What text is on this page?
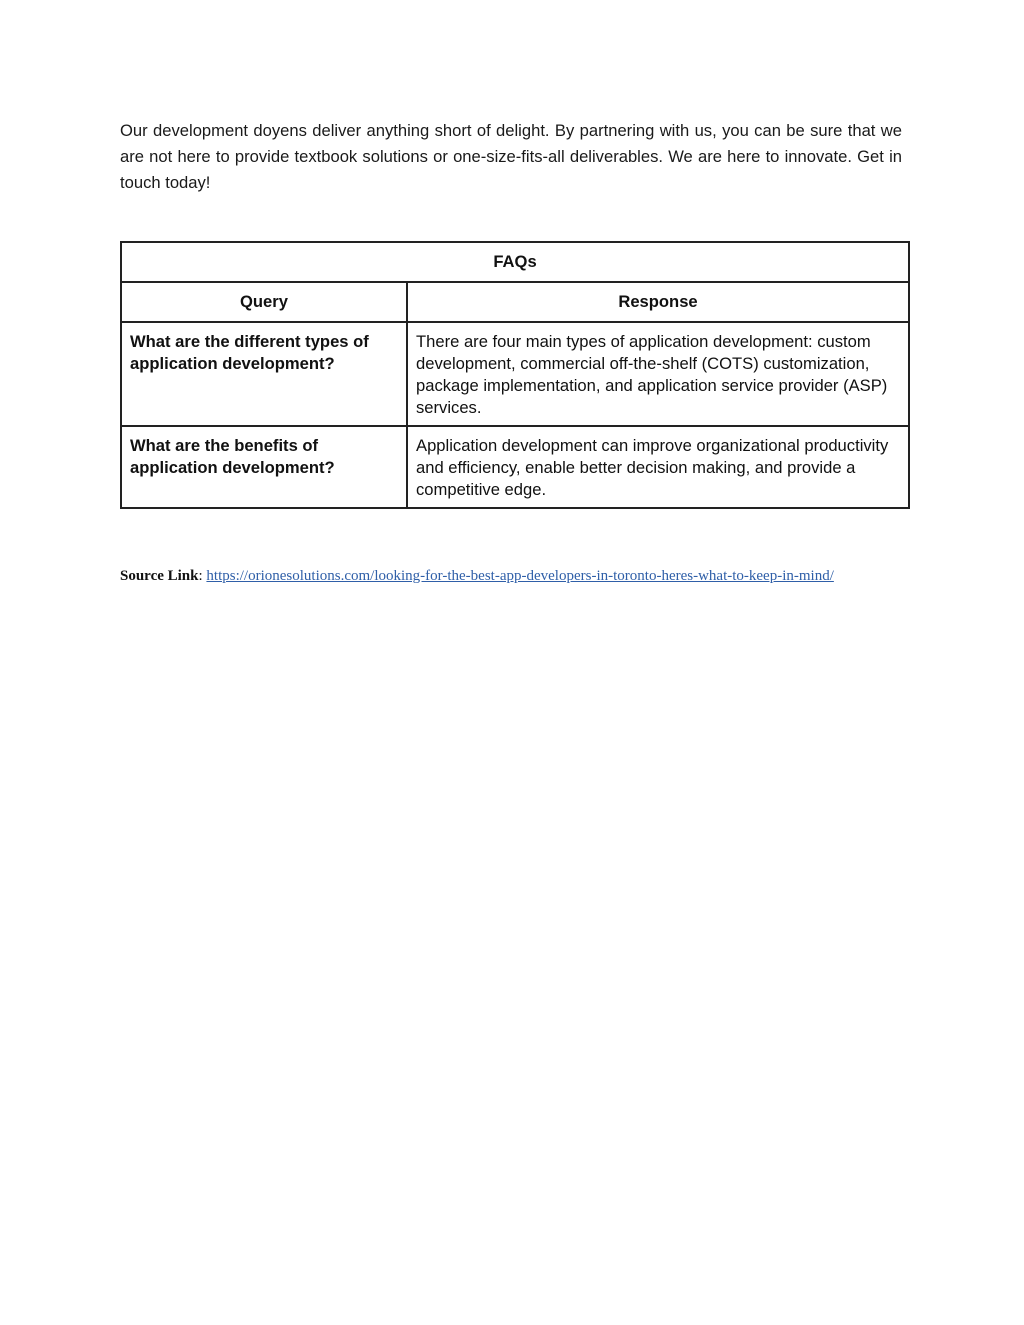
Our development doyens deliver anything short of delight. By partnering with us, you can be sure that we are not here to provide textbook solutions or one-size-fits-all deliverables. We are here to innovate. Get in touch today!

FAQs	
Query	Response
What are the different types of application development?	There are four main types of application development: custom development, commercial off-the-shelf (COTS) customization, package implementation, and application service provider (ASP) services.
What are the benefits of application development?	Application development can improve organizational productivity and efficiency, enable better decision making, and provide a competitive edge.

Source Link: https://orionesolutions.com/looking-for-the-best-app-developers-in-toronto-heres-what-to-keep-in-mind/
